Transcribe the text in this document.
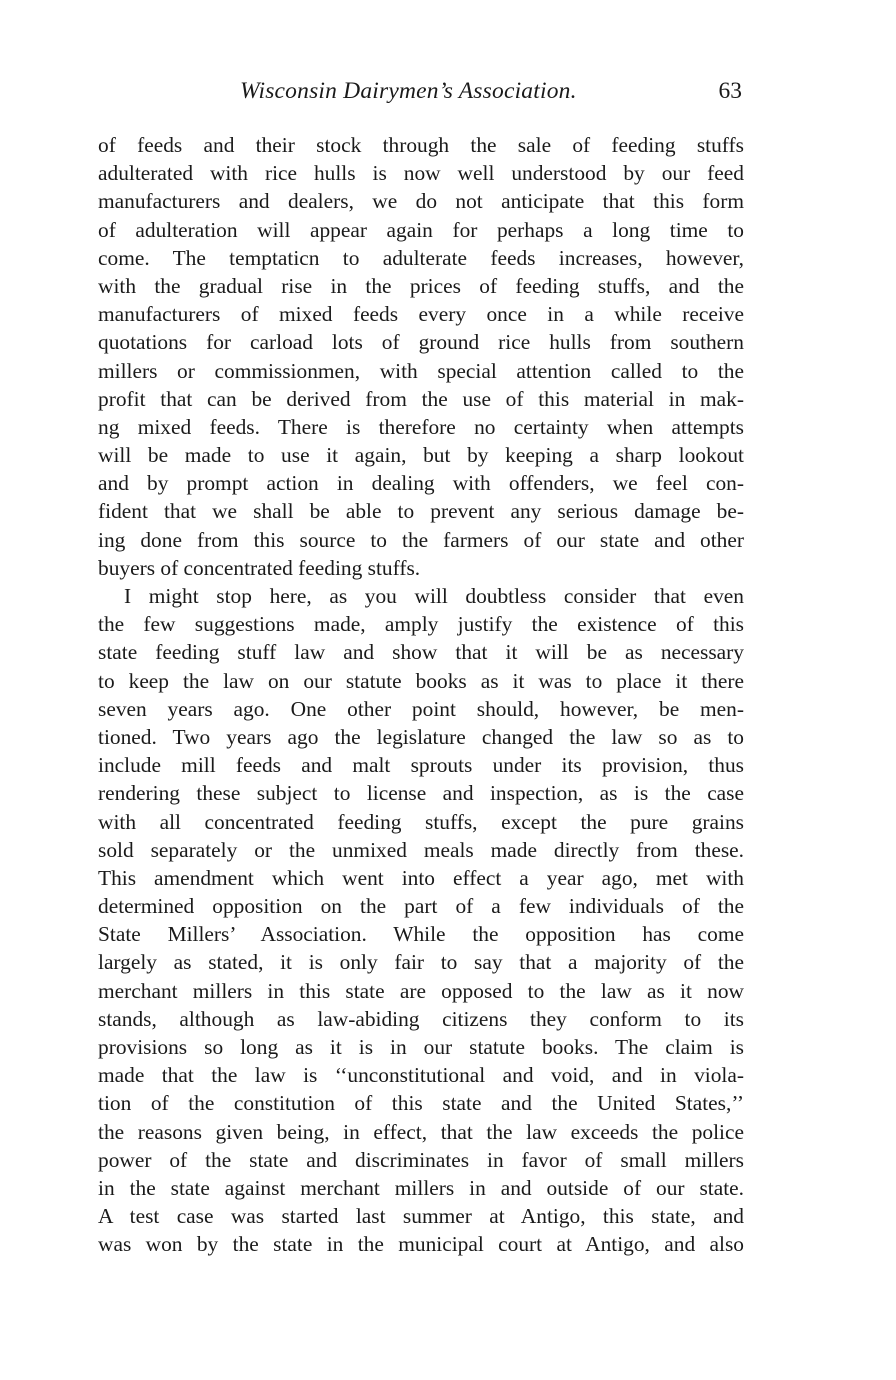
Wisconsin Dairymen’s Association.	63
of feeds and their stock through the sale of feeding stuffs
adulterated with rice hulls is now well understood by our feed
manufacturers and dealers, we do not anticipate that this form
of adulteration will appear again for perhaps a long time to
come. The temptaticn to adulterate feeds increases, however,
with the gradual rise in the prices of feeding stuffs, and the
manufacturers of mixed feeds every once in a while receive
quotations for carload lots of ground rice hulls from southern
millers or commissionmen, with special attention called to the
profit that can be derived from the use of this material in mak-
ng mixed feeds. There is therefore no certainty when attempts
will be made to use it again, but by keeping a sharp lookout
and by prompt action in dealing with offenders, we feel con-
fident that we shall be able to prevent any serious damage be-
ing done from this source to the farmers of our state and other
buyers of concentrated feeding stuffs.
I might stop here, as you will doubtless consider that even
the few suggestions made, amply justify the existence of this
state feeding stuff law and show that it will be as necessary
to keep the law on our statute books as it was to place it there
seven years ago. One other point should, however, be men-
tioned. Two years ago the legislature changed the law so as to
include mill feeds and malt sprouts under its provision, thus
rendering these subject to license and inspection, as is the case
with all concentrated feeding stuffs, except the pure grains
sold separately or the unmixed meals made directly from these.
This amendment which went into effect a year ago, met with
determined opposition on the part of a few individuals of the
State Millers’ Association. While the opposition has come
largely as stated, it is only fair to say that a majority of the
merchant millers in this state are opposed to the law as it now
stands, although as law-abiding citizens they conform to its
provisions so long as it is in our statute books. The claim is
made that the law is ‘‘unconstitutional and void, and in viola-
tion of the constitution of this state and the United States,’’
the reasons given being, in effect, that the law exceeds the police
power of the state and discriminates in favor of small millers
in the state against merchant millers in and outside of our state.
A test case was started last summer at Antigo, this state, and
was won by the state in the municipal court at Antigo, and also
